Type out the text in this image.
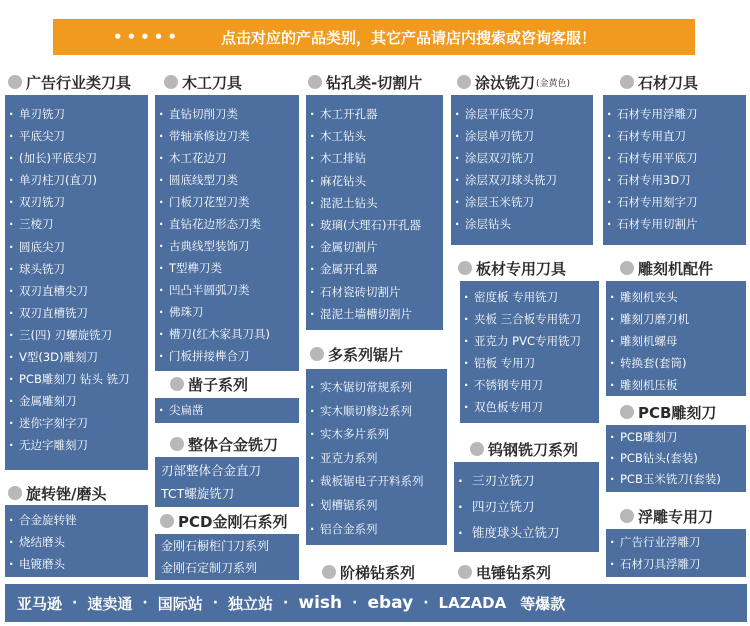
•••••	点击对应的产品类别，其它产品请店内搜索或咨询客服！
广告行业类刀具
· 单刃铣刀
· 平底尖刀
· (加长)平底尖刀
· 单刃柱刀(直刀)
· 双刃铣刀
· 三棱刀
· 圆底尖刀
· 球头铣刀
· 双刃直槽尖刀
· 双刃直槽铣刀
· 三(四) 刃螺旋铣刀
· V型(3D)雕刻刀
· PCB雕刻刀 钻头 铣刀
· 金属雕刻刀
· 迷你字刻字刀
· 无边字雕刻刀
旋转锉/磨头
· 合金旋转锉
· 烧结磨头
· 电镀磨头
木工刀具
· 直钻切削刀类
· 带轴承修边刀类
· 木工花边刀
· 圆底线型刀类
· 门板刀花型刀类
· 直钻花边形态刀类
· 古典线型装饰刀
· T型榫刀类
· 凹凸半圆弧刀类
· 佛珠刀
· 槽刀(红木家具刀具)
· 门板拼接榫合刀
凿子系列
· 尖扁凿
整体合金铣刀
刃部整体合金直刀
TCT螺旋铣刀
PCD金刚石系列
金刚石橱柜门刀系列
金刚石定制刀系列
钻孔类-切割片
· 木工开孔器
· 木工钻头
· 木工排钻
· 麻花钻头
· 混泥土钻头
· 玻璃(大理石)开孔器
· 金属切割片
· 金属开孔器
· 石材瓷砖切割片
· 混泥土墙槽切割片
多系列锯片
· 实木锯切常规系列
· 实木顺切修边系列
· 实木多片系列
· 亚克力系列
· 裁板锯电子开料系列
· 划槽锯系列
· 铝合金系列
阶梯钻系列
涂汰铣刀 (金黄色)
· 涂层平底尖刀
· 涂层单刃铣刀
· 涂层双刃铣刀
· 涂层双刃球头铣刀
· 涂层玉米铣刀
· 涂层钻头
板材专用刀具
· 密度板 专用铣刀
· 夹板 三合板专用铣刀
· 亚克力 PVC专用铣刀
· 铝板 专用刀
· 不锈钢专用刀
· 双色板专用刀
钨钢铣刀系列
· 三刃立铣刀
· 四刃立铣刀
· 锥度球头立铣刀
电锤钻系列
石材刀具
· 石材专用浮雕刀
· 石材专用直刀
· 石材专用平底刀
· 石材专用3D刀
· 石材专用刻字刀
· 石材专用切割片
雕刻机配件
· 雕刻机夹头
· 雕刻刀磨刀机
· 雕刻机螺母
· 转换套(套筒)
· 雕刻机压板
PCB雕刻刀
· PCB雕刻刀
· PCB钻头(套装)
· PCB玉米铣刀(套装)
浮雕专用刀
· 广告行业浮雕刀
· 石材刀具浮雕刀
亚马逊 · 速卖通 · 国际站 · 独立站 · wish · ebay · LAZADA 等爆款
